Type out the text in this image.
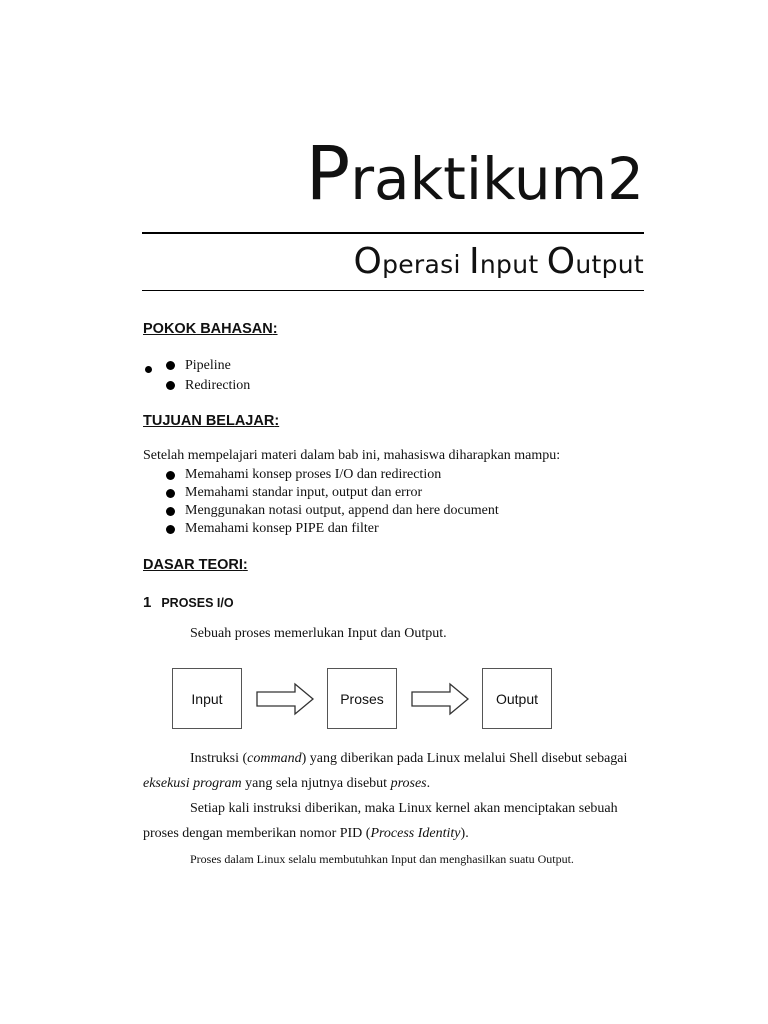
Praktikum2
Operasi Input Output
POKOK BAHASAN:
Pipeline
Redirection
TUJUAN BELAJAR:
Setelah mempelajari materi dalam bab ini, mahasiswa diharapkan mampu:
Memahami konsep proses I/O dan redirection
Memahami standar input, output dan error
Menggunakan notasi output, append dan here document
Memahami konsep PIPE dan filter
DASAR TEORI:
1 PROSES I/O
Sebuah proses memerlukan Input dan Output.
Input	Proses	Output
Instruksi (command) yang diberikan pada Linux melalui Shell disebut sebagai
eksekusi program yang sela njutnya disebut proses.
Setiap kali instruksi diberikan, maka Linux kernel akan menciptakan sebuah
proses dengan memberikan nomor PID (Process Identity).
Proses dalam Linux selalu membutuhkan Input dan menghasilkan suatu Output.
